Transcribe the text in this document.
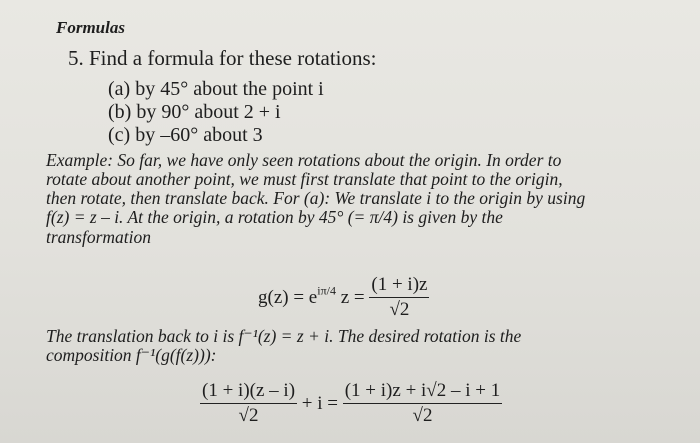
Formulas
5. Find a formula for these rotations:
(a) by 45° about the point i
(b) by 90° about 2 + i
(c) by –60° about 3
Example: So far, we have only seen rotations about the origin. In order to
rotate about another point, we must first translate that point to the origin,
then rotate, then translate back. For (a): We translate i to the origin by using
f(z) = z – i. At the origin, a rotation by 45° (= π/4) is given by the
transformation
$g(z) = e^{i\pi/4}$ $z = \frac{(1 + i)z}{√2}$
The translation back to i is f⁻¹(z) = z + i. The desired rotation is the
composition f⁻¹(g(f(z))):
$\frac{(1 + i)(z - i)}{√2} + i = \frac{(1 + i)z + i√2 - i + 1}{√2}$
